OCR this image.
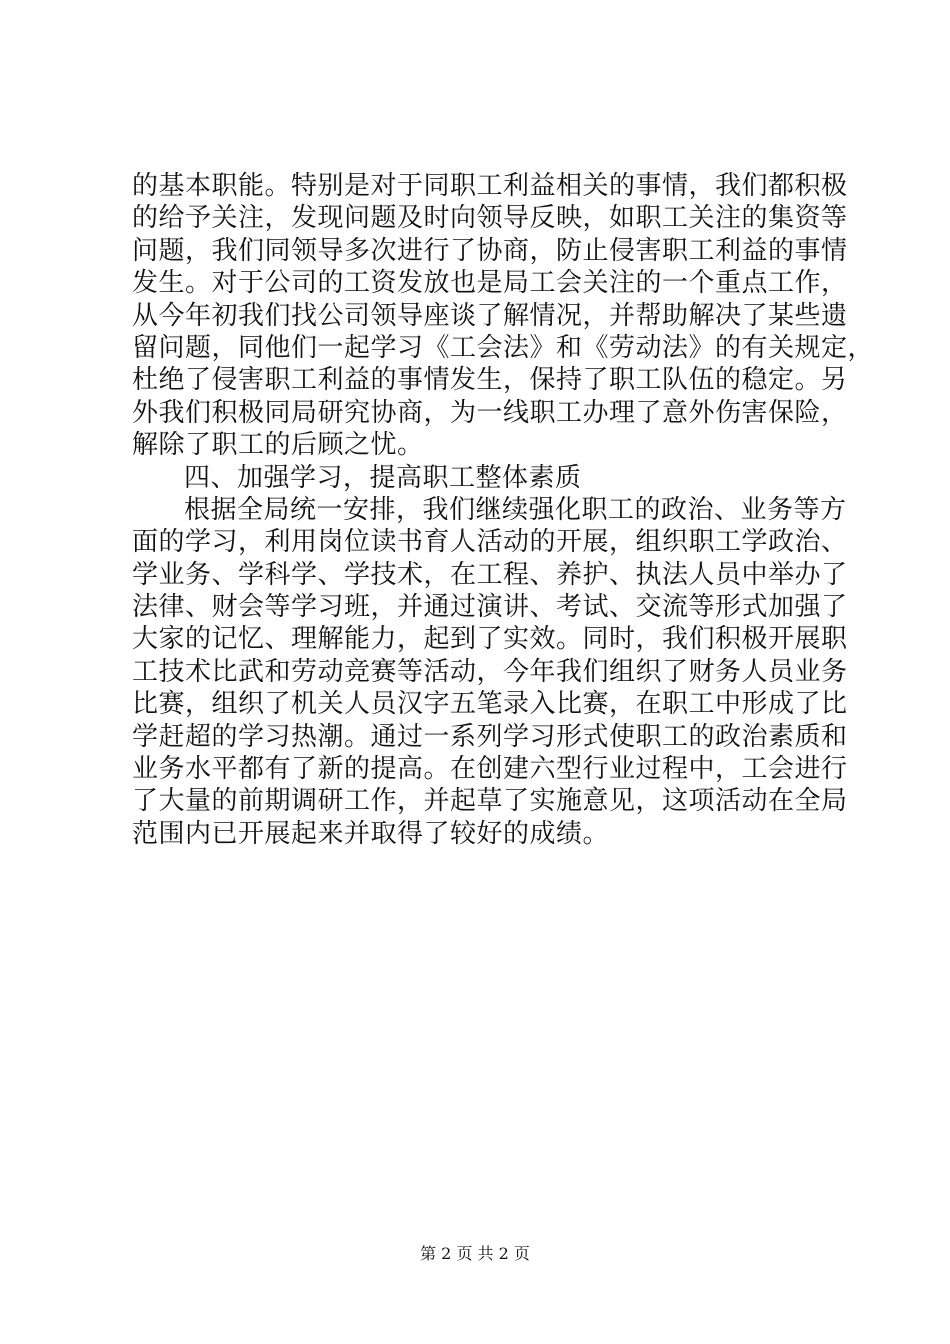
的基本职能。特别是对于同职工利益相关的事情，我们都积极
的给予关注，发现问题及时向领导反映，如职工关注的集资等
问题，我们同领导多次进行了协商，防止侵害职工利益的事情
发生。对于公司的工资发放也是局工会关注的一个重点工作，
从今年初我们找公司领导座谈了解情况，并帮助解决了某些遗
留问题，同他们一起学习《工会法》和《劳动法》的有关规定，
杜绝了侵害职工利益的事情发生，保持了职工队伍的稳定。另
外我们积极同局研究协商，为一线职工办理了意外伤害保险，
解除了职工的后顾之忧。
四、加强学习，提高职工整体素质
根据全局统一安排，我们继续强化职工的政治、业务等方
面的学习，利用岗位读书育人活动的开展，组织职工学政治、
学业务、学科学、学技术，在工程、养护、执法人员中举办了
法律、财会等学习班，并通过演讲、考试、交流等形式加强了
大家的记忆、理解能力，起到了实效。同时，我们积极开展职
工技术比武和劳动竞赛等活动，今年我们组织了财务人员业务
比赛，组织了机关人员汉字五笔录入比赛，在职工中形成了比
学赶超的学习热潮。通过一系列学习形式使职工的政治素质和
业务水平都有了新的提高。在创建六型行业过程中，工会进行
了大量的前期调研工作，并起草了实施意见，这项活动在全局
范围内已开展起来并取得了较好的成绩。
第 2 页 共 2 页
